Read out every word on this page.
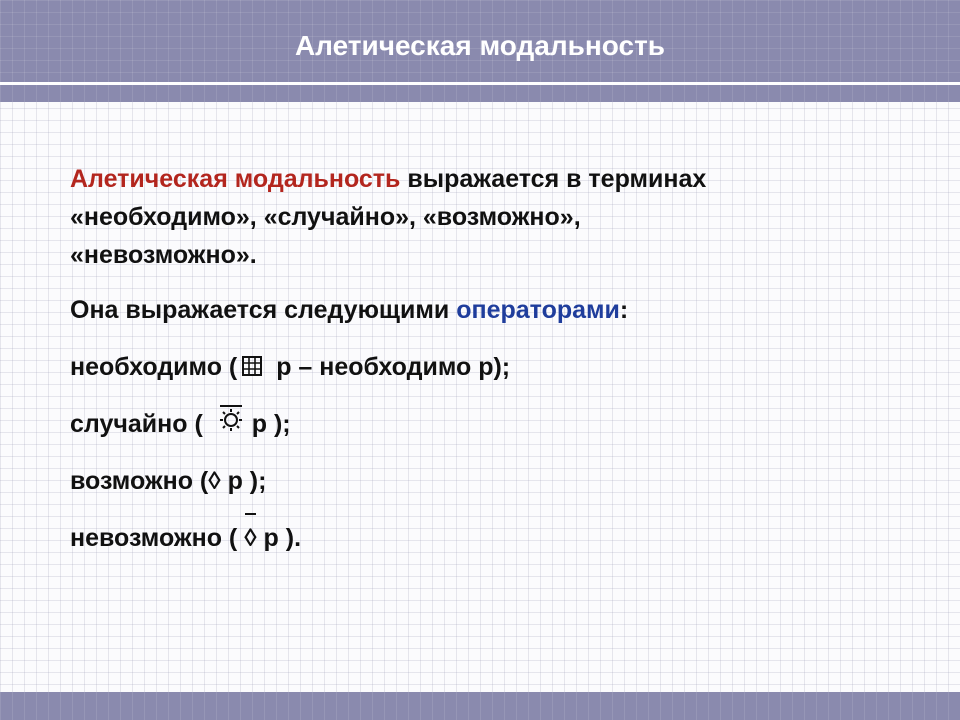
Алетическая модальность

Алетическая модальность выражается в терминах
«необходимо», «случайно», «возможно»,
«невозможно».

Она выражается следующими операторами:

необходимо ( p – необходимо p);

случайно ( p );

возможно (◊ p );

невозможно ( ◊ p ).
